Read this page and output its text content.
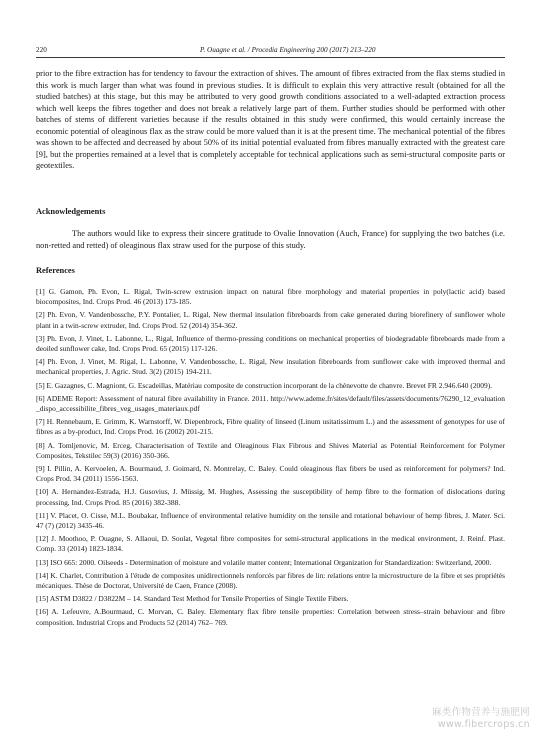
220	P. Ouagne et al. / Procedia Engineering 200 (2017) 213–220
prior to the fibre extraction has for tendency to favour the extraction of shives. The amount of fibres extracted from the flax stems studied in this work is much larger than what was found in previous studies. It is difficult to explain this very attractive result (obtained for all the studied batches) at this stage, but this may be attributed to very good growth conditions associated to a well-adapted extraction process which well keeps the fibres together and does not break a relatively large part of them. Further studies should be performed with other batches of stems of different varieties because if the results obtained in this study were confirmed, this would certainly increase the economic potential of oleaginous flax as the straw could be more valued than it is at the present time. The mechanical potential of the fibres was shown to be affected and decreased by about 50% of its initial potential evaluated from fibres manually extracted with the greatest care [9], but the properties remained at a level that is completely acceptable for technical applications such as semi-structural composite parts or geotextiles.
Acknowledgements
The authors would like to express their sincere gratitude to Ovalie Innovation (Auch, France) for supplying the two batches (i.e. non-retted and retted) of oleaginous flax straw used for the purpose of this study.
References
[1] G. Gamon, Ph. Evon, L. Rigal, Twin-screw extrusion impact on natural fibre morphology and material properties in poly(lactic acid) based biocomposites, Ind. Crops Prod. 46 (2013) 173-185.
[2] Ph. Evon, V. Vandenbossche, P.Y. Pontalier, L. Rigal, New thermal insulation fibreboards from cake generated during biorefinery of sunflower whole plant in a twin-screw extruder, Ind. Crops Prod. 52 (2014) 354-362.
[3] Ph. Evon, J. Vinet, L. Labonne, L., Rigal, Influence of thermo-pressing conditions on mechanical properties of biodegradable fibreboards made from a deoiled sunflower cake, Ind. Crops Prod. 65 (2015) 117-126.
[4] Ph. Evon, J. Vinet, M. Rigal, L. Labonne, V. Vandenbossche, L. Rigal, New insulation fibreboards from sunflower cake with improved thermal and mechanical properties, J. Agric. Stud. 3(2) (2015) 194-211.
[5] E. Gazagnes, C. Magniont, G. Escadeillas, Matériau composite de construction incorporant de la chènevotte de chanvre. Brevet FR 2.946.640 (2009).
[6] ADEME Report: Assessment of natural fibre availability in France. 2011. http://www.ademe.fr/sites/default/files/assets/documents/76290_12_evaluation_dispo_accessibilite_fibres_veg_usages_materiaux.pdf
[7] H. Rennebaum, E. Grimm, K. Warnstorff, W. Diepenbrock, Fibre quality of linseed (Linum usitatissimum L.) and the assessment of genotypes for use of fibres as a by-product, Ind. Crops Prod. 16 (2002) 201-215.
[8] A. Tomljenovic, M. Erceg, Characterisation of Textile and Oleaginous Flax Fibrous and Shives Material as Potential Reinforcement for Polymer Composites, Tekstilec 59(3) (2016) 350-366.
[9] I. Pillin, A. Kervoelen, A. Bourmaud, J. Goimard, N. Montrelay, C. Baley. Could oleaginous flax fibers be used as reinforcement for polymers? Ind. Crops Prod. 34 (2011) 1556-1563.
[10] A. Hernandez-Estrada, H.J. Gusovius, J. Müssig, M. Hughes, Assessing the susceptibility of hemp fibre to the formation of dislocations during processing, Ind. Crops Prod. 85 (2016) 382-388.
[11] V. Placet, O. Cisse, M.L. Boubakar, Influence of environmental relative humidity on the tensile and rotational behaviour of hemp fibres, J. Mater. Sci. 47 (7) (2012) 3435-46.
[12] J. Moothoo, P. Ouagne, S. Allaoui, D. Soulat, Vegetal fibre composites for semi-structural applications in the medical environment, J. Reinf. Plast. Comp. 33 (2014) 1823-1834.
[13] ISO 665: 2000. Oilseeds - Determination of moisture and volatile matter content; International Organization for Standardization: Switzerland, 2000.
[14] K. Charlet, Contribution à l'étude de composites unidirectionnels renforcés par fibres de lin: relations entre la microstructure de la fibre et ses propriétés mécaniques. Thèse de Doctorat, Université de Caen, France (2008).
[15] ASTM D3822 / D3822M – 14. Standard Test Method for Tensile Properties of Single Textile Fibers.
[16] A. Lefeuvre, A.Bourmaud, C. Morvan, C. Baley. Elementary flax fibre tensile properties: Correlation between stress–strain behaviour and fibre composition. Industrial Crops and Products 52 (2014) 762– 769.
麻类作物营养与施肥网
www.fibercrops.cn
